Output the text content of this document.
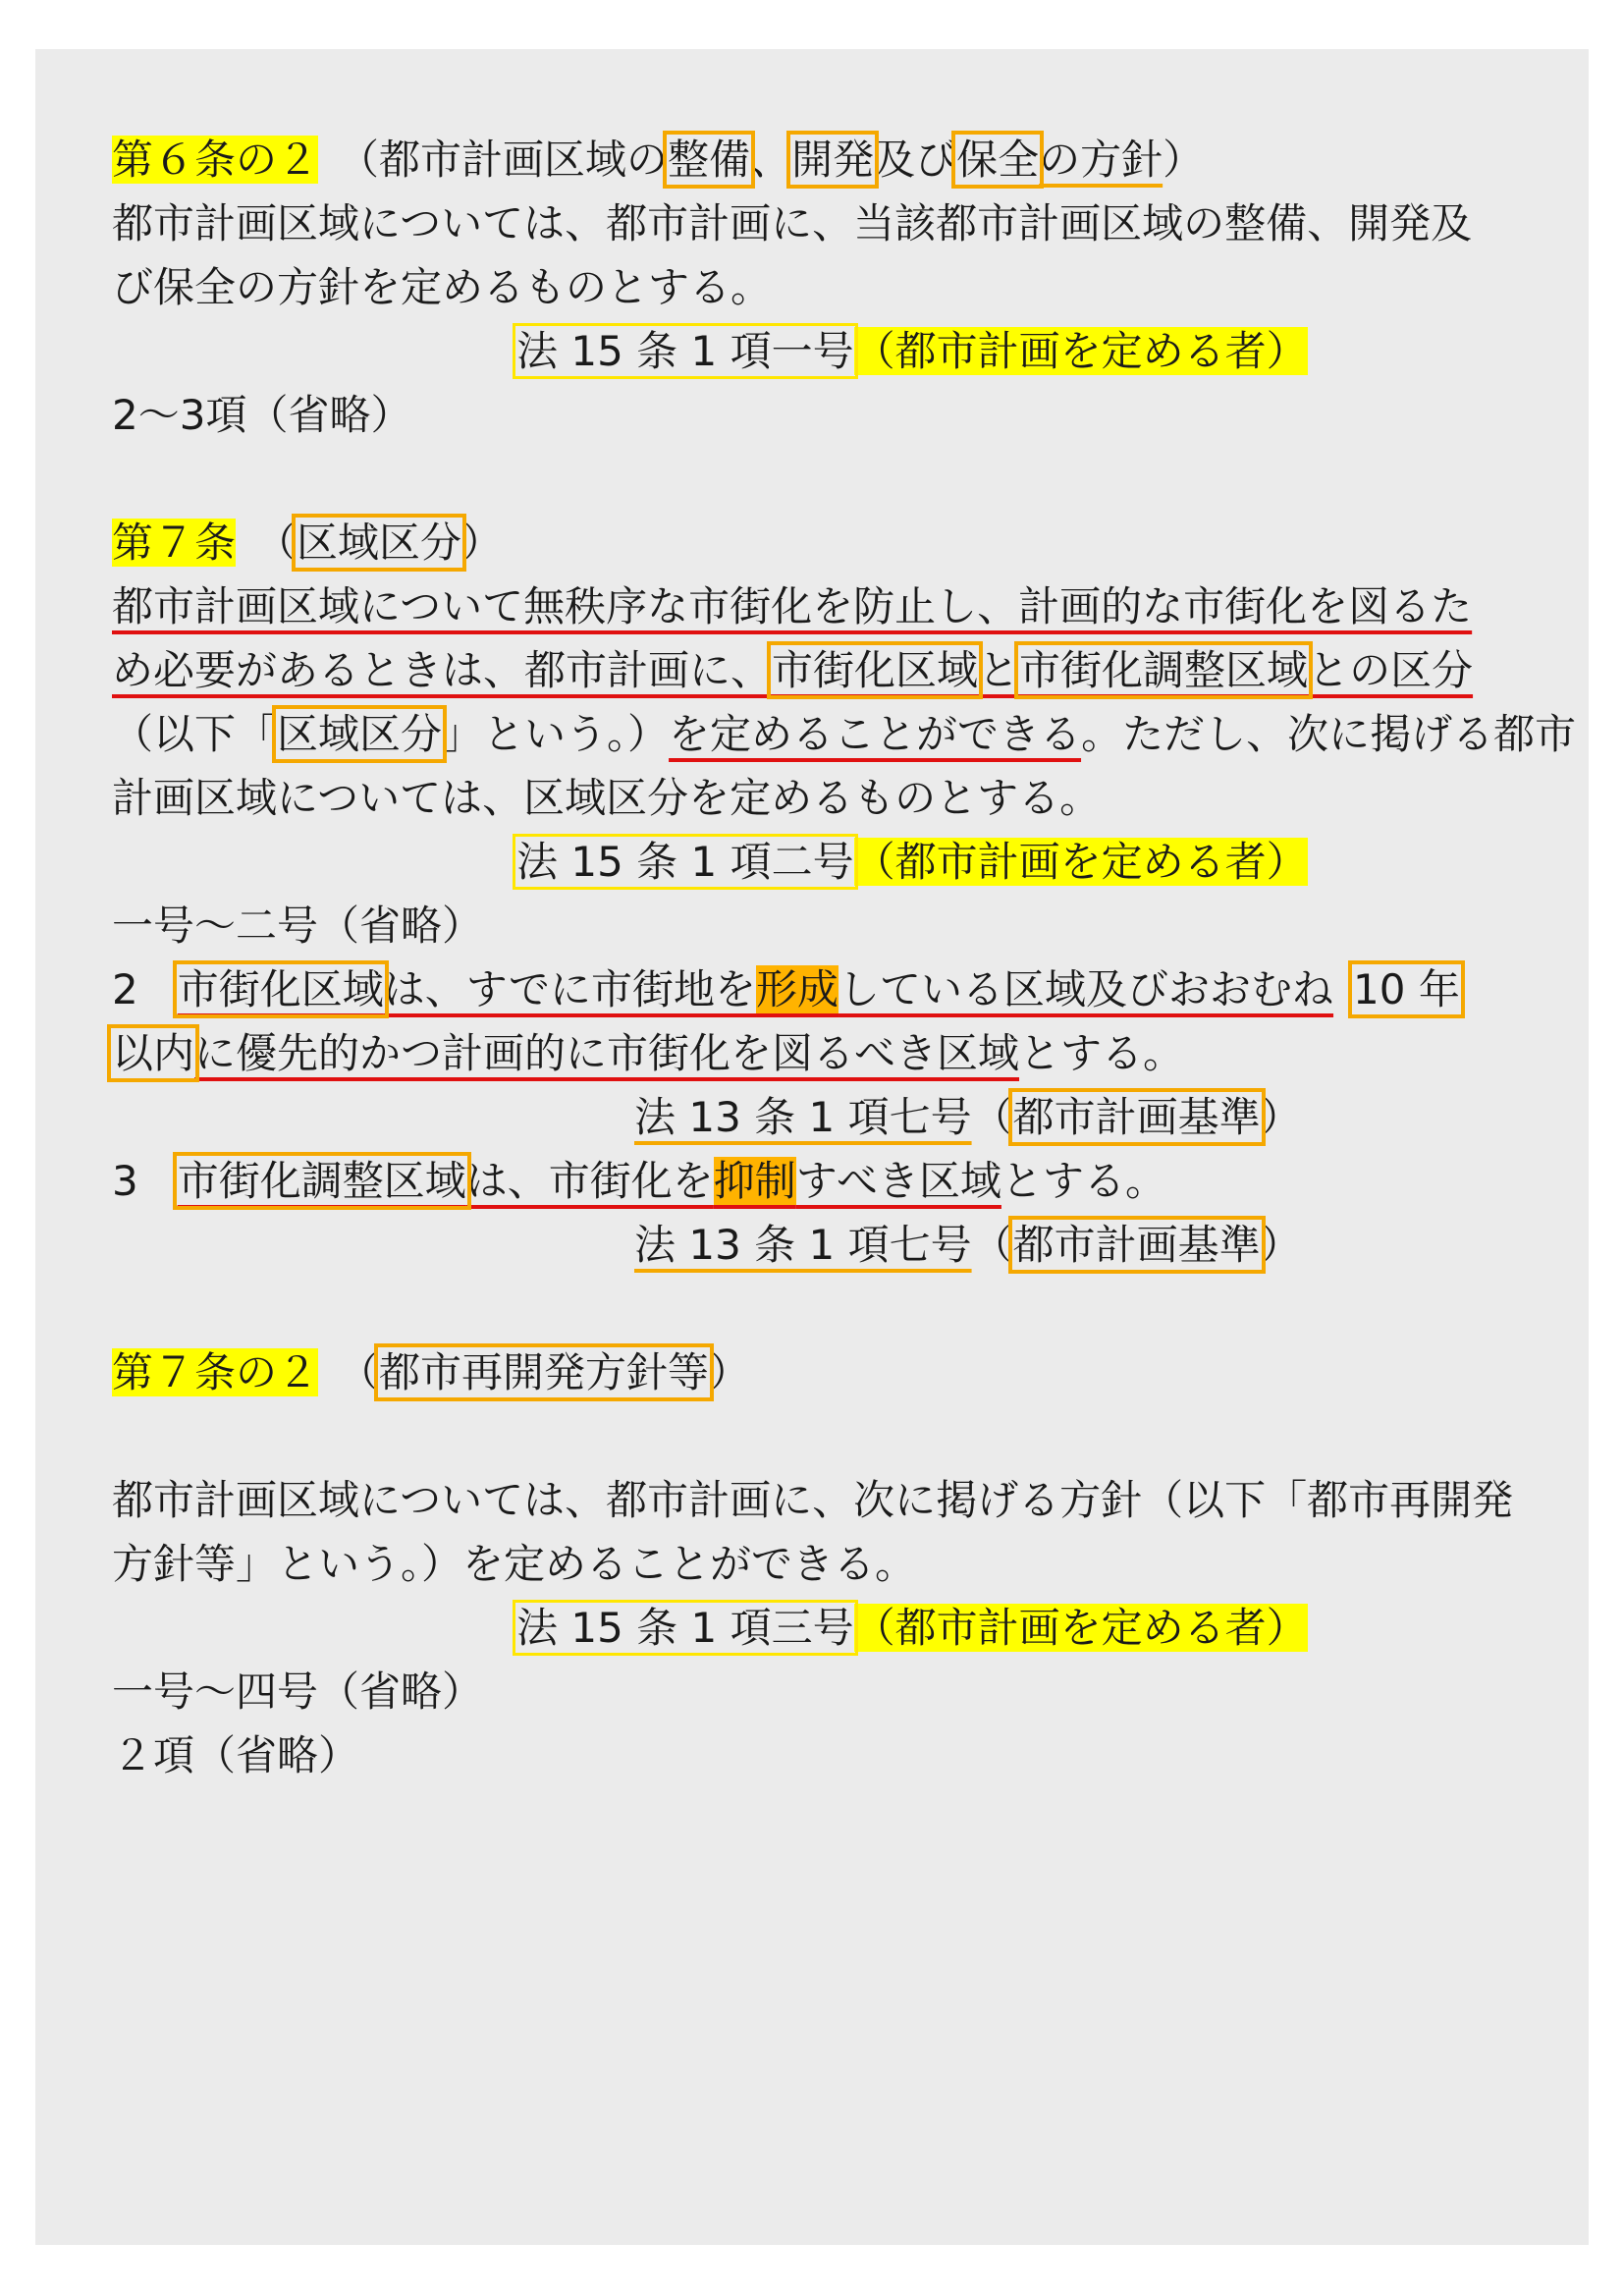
第６条の２ （都市計画区域の整備、開発及び保全の方針）
都市計画区域については、都市計画に、当該都市計画区域の整備、開発及
び保全の方針を定めるものとする。
法 15 条 1 項一号（都市計画を定める者）
2～3項（省略）
第７条 （区域区分）
都市計画区域について無秩序な市街化を防止し、計画的な市街化を図るた
め必要があるときは、都市計画に、市街化区域と市街化調整区域との区分
（以下「区域区分」という。）を定めることができる。ただし、次に掲げる都市
計画区域については、区域区分を定めるものとする。
法 15 条 1 項二号（都市計画を定める者）
一号～二号（省略）
2 市街化区域は、すでに市街地を形成している区域及びおおむね 10 年
以内に優先的かつ計画的に市街化を図るべき区域とする。
法 13 条 1 項七号（都市計画基準）
3 市街化調整区域は、市街化を抑制すべき区域とする。
法 13 条 1 項七号（都市計画基準）
第７条の２ （都市再開発方針等）
都市計画区域については、都市計画に、次に掲げる方針（以下「都市再開発
方針等」という。）を定めることができる。
法 15 条 1 項三号（都市計画を定める者）
一号～四号（省略）
２項（省略）
